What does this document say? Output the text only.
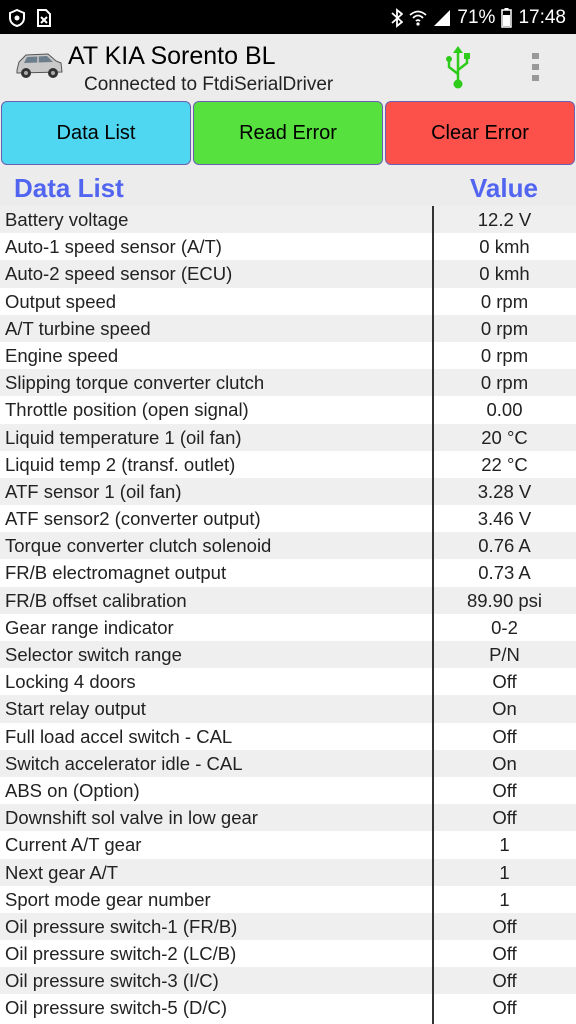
71% 17:48
AT KIA Sorento BL
Connected to FtdiSerialDriver
Data List	Read Error	Clear Error
Data List	Value
Battery voltage	12.2 V
Auto-1 speed sensor (A/T)	0 kmh
Auto-2 speed sensor (ECU)	0 kmh
Output speed	0 rpm
A/T turbine speed	0 rpm
Engine speed	0 rpm
Slipping torque converter clutch	0 rpm
Throttle position (open signal)	0.00
Liquid temperature 1 (oil fan)	20 °C
Liquid temp 2 (transf. outlet)	22 °C
ATF sensor 1 (oil fan)	3.28 V
ATF sensor2 (converter output)	3.46 V
Torque converter clutch solenoid	0.76 A
FR/B electromagnet output	0.73 A
FR/B offset calibration	89.90 psi
Gear range indicator	0-2
Selector switch range	P/N
Locking 4 doors	Off
Start relay output	On
Full load accel switch - CAL	Off
Switch accelerator idle - CAL	On
ABS on (Option)	Off
Downshift sol valve in low gear	Off
Current A/T gear	1
Next gear A/T	1
Sport mode gear number	1
Oil pressure switch-1 (FR/B)	Off
Oil pressure switch-2 (LC/B)	Off
Oil pressure switch-3 (I/C)	Off
Oil pressure switch-5 (D/C)	Off
